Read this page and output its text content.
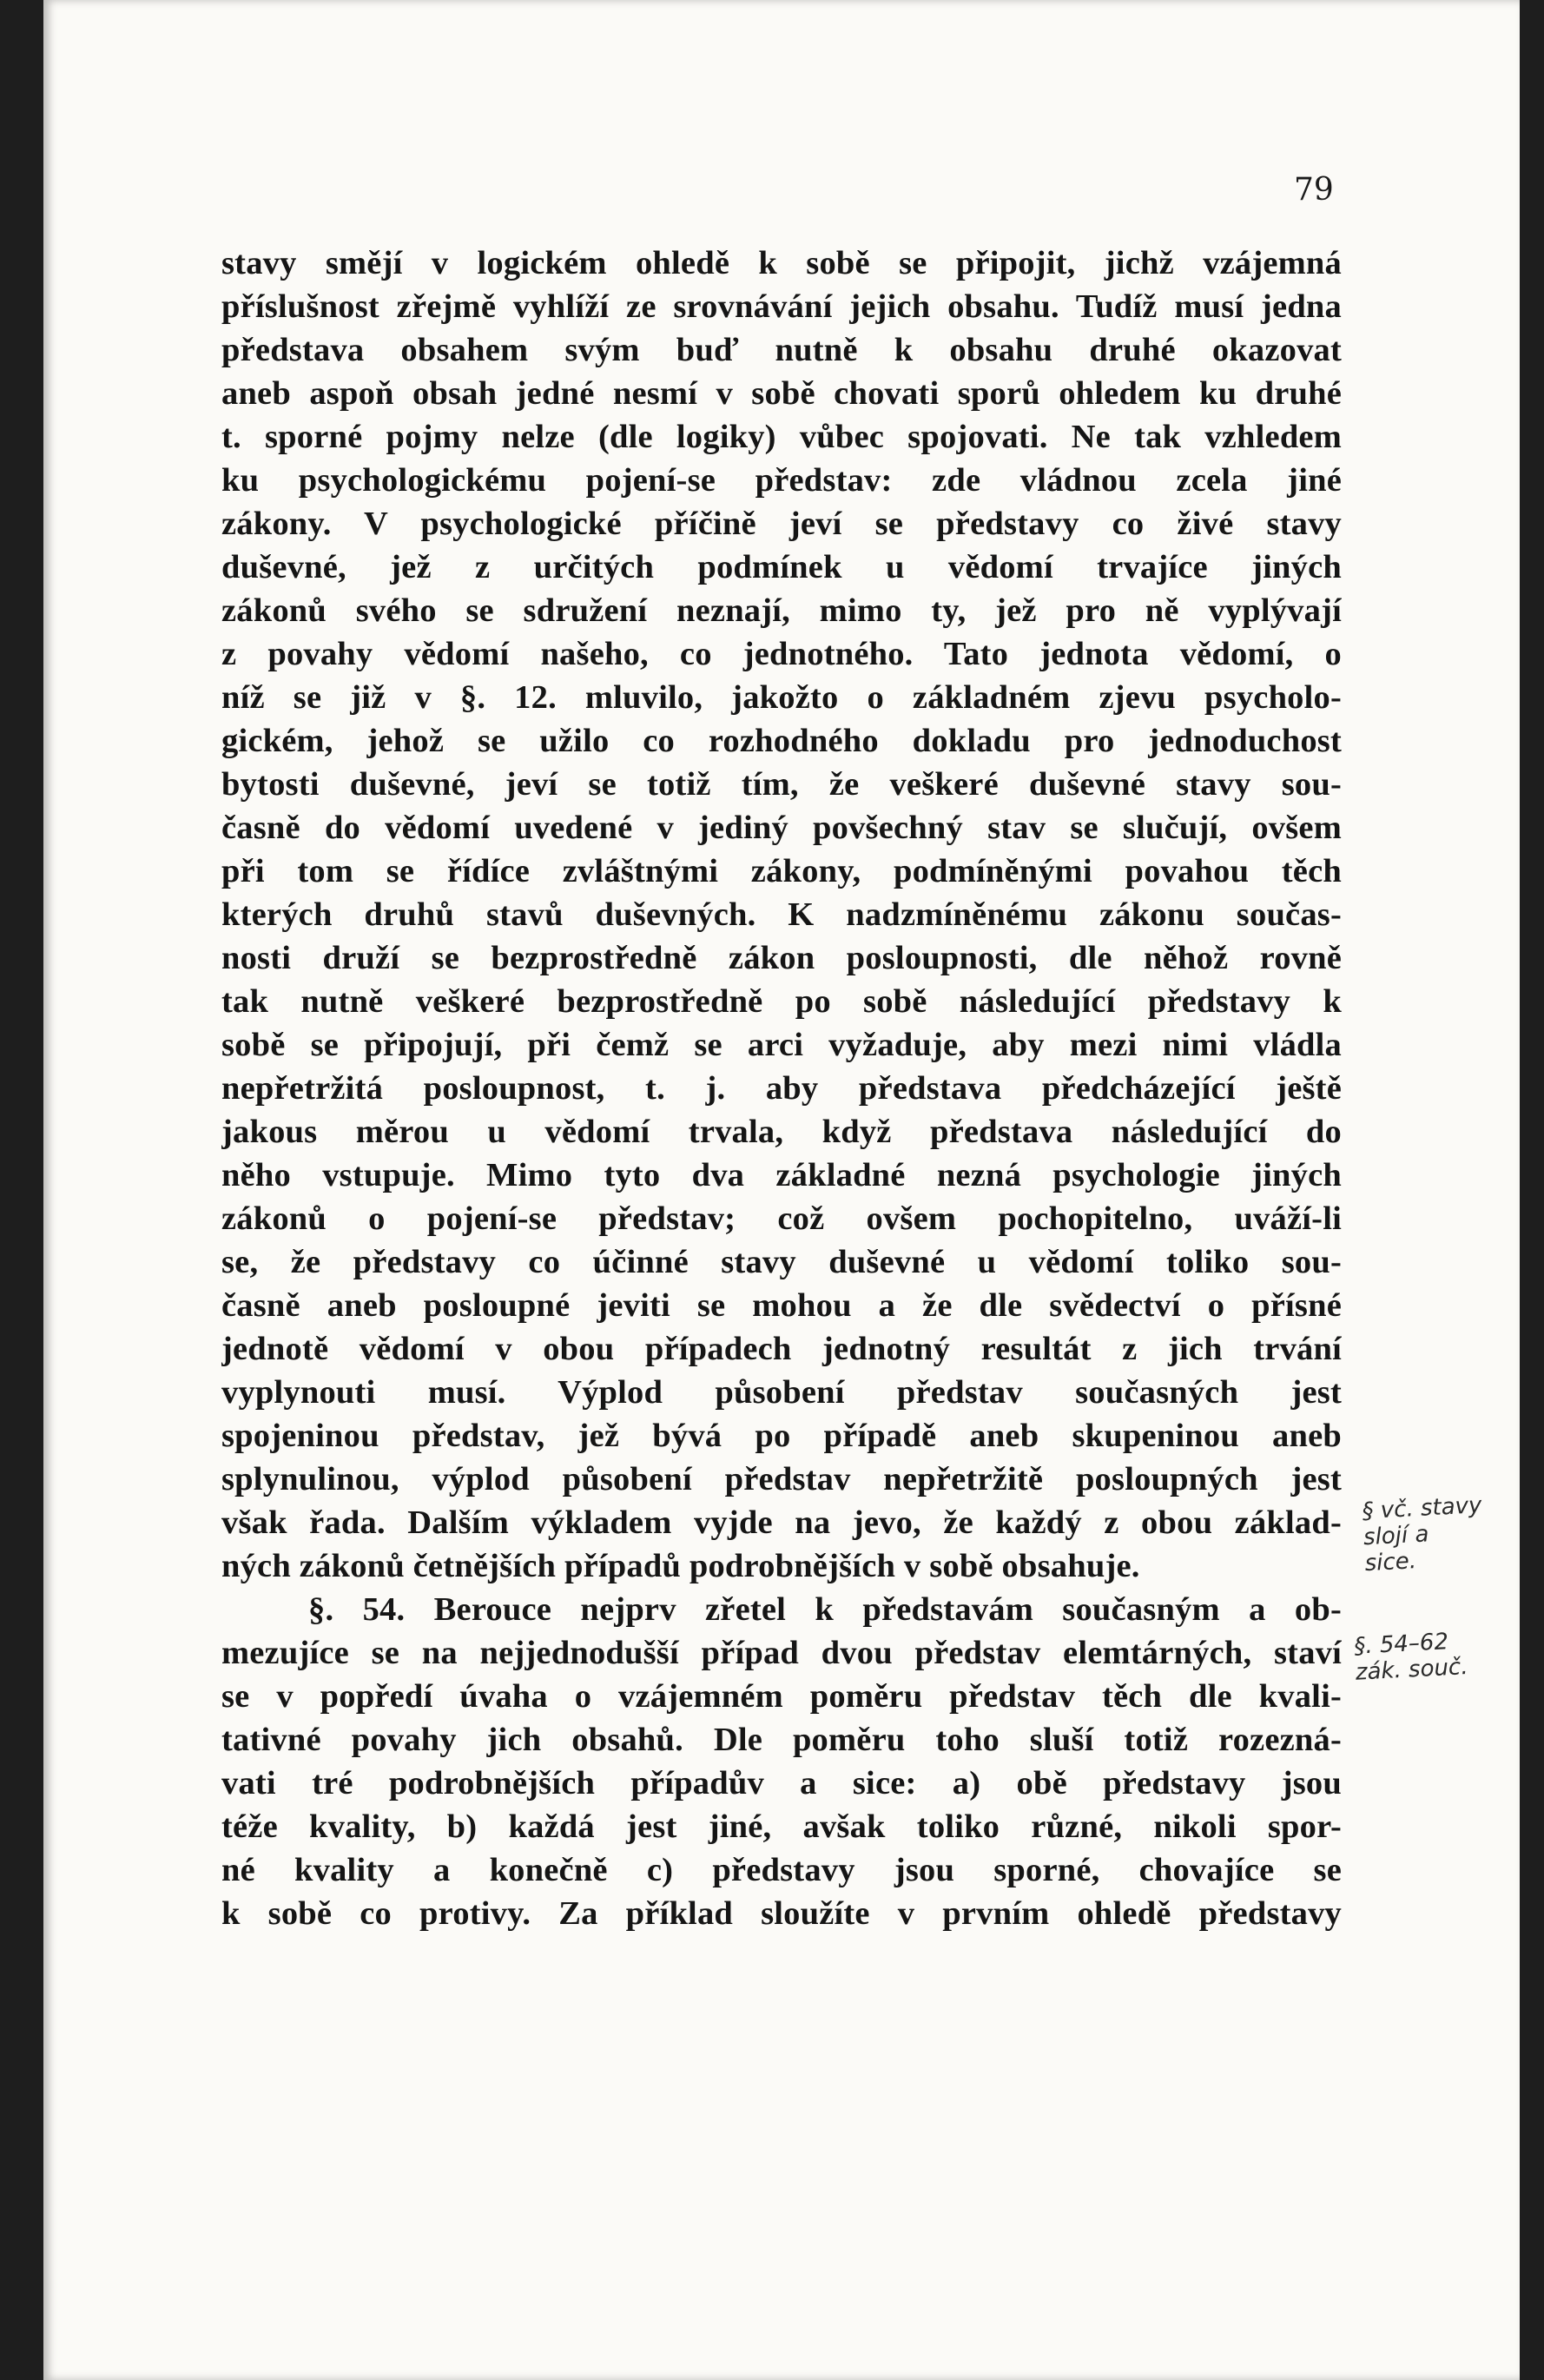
79
stavy smějí v logickém ohledě k sobě se připojit, jichž vzájemná
příslušnost zřejmě vyhlíží ze srovnávání jejich obsahu. Tudíž musí jedna
představa obsahem svým buď nutně k obsahu druhé okazovat
aneb aspoň obsah jedné nesmí v sobě chovati sporů ohledem ku druhé
t. sporné pojmy nelze (dle logiky) vůbec spojovati. Ne tak vzhledem
ku psychologickému pojení-se představ: zde vládnou zcela jiné
zákony. V psychologické příčině jeví se představy co živé stavy
duševné, jež z určitých podmínek u vědomí trvajíce jiných
zákonů svého se sdružení neznají, mimo ty, jež pro ně vyplývají
z povahy vědomí našeho, co jednotného. Tato jednota vědomí, o
níž se již v §. 12. mluvilo, jakožto o základném zjevu psycholo-
gickém, jehož se užilo co rozhodného dokladu pro jednoduchost
bytosti duševné, jeví se totiž tím, že veškeré duševné stavy sou-
časně do vědomí uvedené v jediný povšechný stav se slučují, ovšem
při tom se řídíce zvláštnými zákony, podmíněnými povahou těch
kterých druhů stavů duševných. K nadzmíněnému zákonu součas-
nosti druží se bezprostředně zákon posloupnosti, dle něhož rovně
tak nutně veškeré bezprostředně po sobě následující představy k
sobě se připojují, při čemž se arci vyžaduje, aby mezi nimi vládla
nepřetržitá posloupnost, t. j. aby představa předcházející ještě
jakous měrou u vědomí trvala, když představa následující do
něho vstupuje. Mimo tyto dva základné nezná psychologie jiných
zákonů o pojení-se představ; což ovšem pochopitelno, uváží-li
se, že představy co účinné stavy duševné u vědomí toliko sou-
časně aneb posloupné jeviti se mohou a že dle svědectví o přísné
jednotě vědomí v obou případech jednotný resultát z jich trvání
vyplynouti musí. Výplod působení představ současných jest
spojeninou představ, jež bývá po případě aneb skupeninou aneb
splynulinou, výplod působení představ nepřetržitě posloupných jest
však řada. Dalším výkladem vyjde na jevo, že každý z obou základ-
ných zákonů četnějších případů podrobnějších v sobě obsahuje.
§. 54. Berouce nejprv zřetel k představám současným a ob-
mezujíce se na nejjednodušší případ dvou představ elemtárných, staví
se v popředí úvaha o vzájemném poměru představ těch dle kvali-
tativné povahy jich obsahů. Dle poměru toho sluší totiž rozezná-
vati tré podrobnějších případův a sice: a) obě představy jsou
téže kvality, b) každá jest jiné, avšak toliko různé, nikoli spor-
né kvality a konečně c) představy jsou sporné, chovajíce se
k sobě co protivy. Za příklad sloužíte v prvním ohledě představy
§ vč. stavy
slojí a
sice.
§. 54–62
zák. souč.
